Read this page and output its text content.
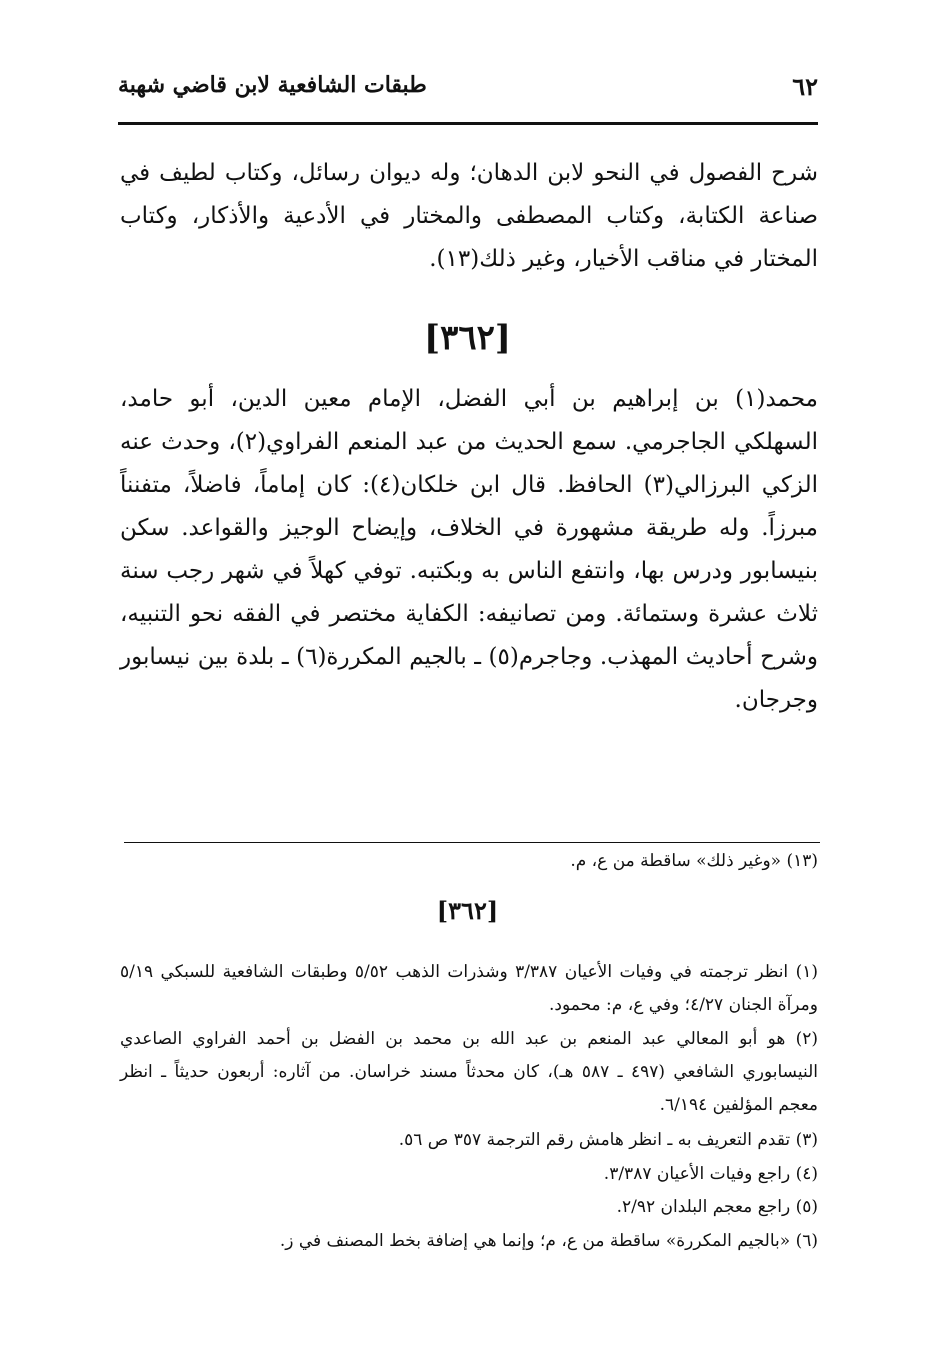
٦٢
طبقات الشافعية لابن قاضي شهبة

شرح الفصول في النحو لابن الدهان؛ وله ديوان رسائل، وكتاب لطيف في صناعة الكتابة، وكتاب المصطفى والمختار في الأدعية والأذكار، وكتاب المختار في مناقب الأخيار، وغير ذلك(١٣).

[٣٦٢]

محمد(١) بن إبراهيم بن أبي الفضل، الإمام معين الدين، أبو حامد، السهلكي الجاجرمي. سمع الحديث من عبد المنعم الفراوي(٢)، وحدث عنه الزكي البرزالي(٣) الحافظ. قال ابن خلكان(٤): كان إماماً، فاضلاً، متفنناً مبرزاً. وله طريقة مشهورة في الخلاف، وإيضاح الوجيز والقواعد. سكن بنيسابور ودرس بها، وانتفع الناس به وبكتبه. توفي كهلاً في شهر رجب سنة ثلاث عشرة وستمائة. ومن تصانيفه: الكفاية مختصر في الفقه نحو التنبيه، وشرح أحاديث المهذب. وجاجرم(٥) ـ بالجيم المكررة(٦) ـ بلدة بين نيسابور وجرجان.

(١٣) «وغير ذلك» ساقطة من ع، م.

[٣٦٢]

(١) انظر ترجمته في وفيات الأعيان ٣/٣٨٧ وشذرات الذهب ٥/٥٢ وطبقات الشافعية للسبكي ٥/١٩ ومرآة الجنان ٤/٢٧؛ وفي ع، م: محمود.

(٢) هو أبو المعالي عبد المنعم بن عبد الله بن محمد بن الفضل بن أحمد الفراوي الصاعدي النيسابوري الشافعي (٤٩٧ ـ ٥٨٧ هـ)، كان محدثاً مسند خراسان. من آثاره: أربعون حديثاً ـ انظر معجم المؤلفين ٦/١٩٤.

(٣) تقدم التعريف به ـ انظر هامش رقم الترجمة ٣٥٧ ص ٥٦.

(٤) راجع وفيات الأعيان ٣/٣٨٧.

(٥) راجع معجم البلدان ٢/٩٢.

(٦) «بالجيم المكررة» ساقطة من ع، م؛ وإنما هي إضافة بخط المصنف في ز.
